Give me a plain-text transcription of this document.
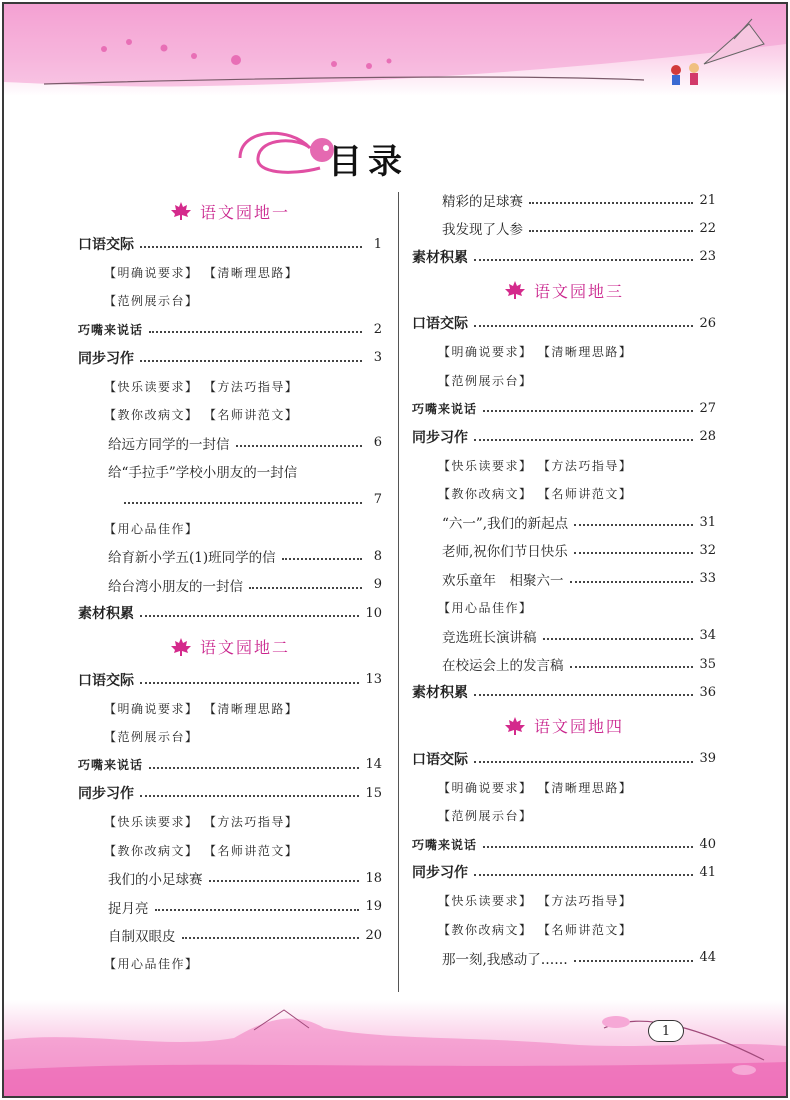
目录
语文园地一
口语交际	1
【明确说要求】 【清晰理思路】
【范例展示台】
巧嘴来说话	2
同步习作	3
【快乐读要求】 【方法巧指导】
【教你改病文】 【名师讲范文】
给远方同学的一封信	6
给“手拉手”学校小朋友的一封信
7
【用心品佳作】
给育新小学五(1)班同学的信	8
给台湾小朋友的一封信	9
素材积累	10
语文园地二
口语交际	13
【明确说要求】 【清晰理思路】
【范例展示台】
巧嘴来说话	14
同步习作	15
【快乐读要求】 【方法巧指导】
【教你改病文】 【名师讲范文】
我们的小足球赛	18
捉月亮	19
自制双眼皮	20
【用心品佳作】
精彩的足球赛	21
我发现了人参	22
素材积累	23
语文园地三
口语交际	26
【明确说要求】 【清晰理思路】
【范例展示台】
巧嘴来说话	27
同步习作	28
【快乐读要求】 【方法巧指导】
【教你改病文】 【名师讲范文】
“六一”,我们的新起点	31
老师,祝你们节日快乐	32
欢乐童年　相聚六一	33
【用心品佳作】
竞选班长演讲稿	34
在校运会上的发言稿	35
素材积累	36
语文园地四
口语交际	39
【明确说要求】 【清晰理思路】
【范例展示台】
巧嘴来说话	40
同步习作	41
【快乐读要求】 【方法巧指导】
【教你改病文】 【名师讲范文】
那一刻,我感动了……	44
1
